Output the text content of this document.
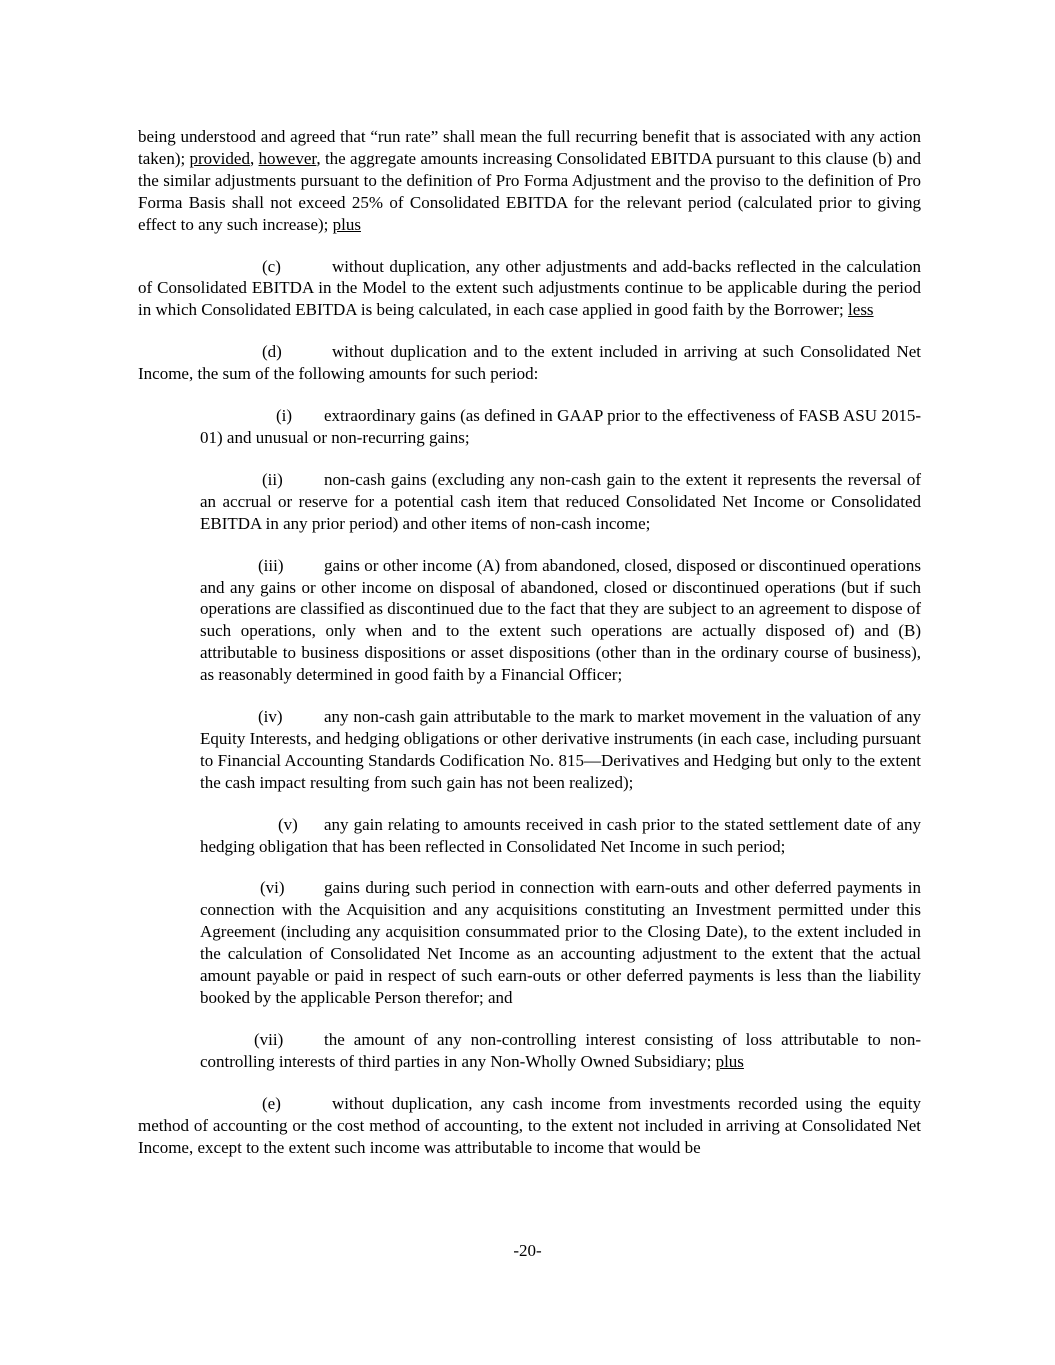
being understood and agreed that “run rate” shall mean the full recurring benefit that is associated with any action taken); provided, however, the aggregate amounts increasing Consolidated EBITDA pursuant to this clause (b) and the similar adjustments pursuant to the definition of Pro Forma Adjustment and the proviso to the definition of Pro Forma Basis shall not exceed 25% of Consolidated EBITDA for the relevant period (calculated prior to giving effect to any such increase); plus

(c)	without duplication, any other adjustments and add-backs reflected in the calculation of Consolidated EBITDA in the Model to the extent such adjustments continue to be applicable during the period in which Consolidated EBITDA is being calculated, in each case applied in good faith by the Borrower; less

(d)	without duplication and to the extent included in arriving at such Consolidated Net Income, the sum of the following amounts for such period:

(i) extraordinary gains (as defined in GAAP prior to the effectiveness of FASB ASU 2015-01) and unusual or non-recurring gains;

(ii) non-cash gains (excluding any non-cash gain to the extent it represents the reversal of an accrual or reserve for a potential cash item that reduced Consolidated Net Income or Consolidated EBITDA in any prior period) and other items of non-cash income;

(iii) gains or other income (A) from abandoned, closed, disposed or discontinued operations and any gains or other income on disposal of abandoned, closed or discontinued operations (but if such operations are classified as discontinued due to the fact that they are subject to an agreement to dispose of such operations, only when and to the extent such operations are actually disposed of) and (B) attributable to business dispositions or asset dispositions (other than in the ordinary course of business), as reasonably determined in good faith by a Financial Officer;

(iv) any non-cash gain attributable to the mark to market movement in the valuation of any Equity Interests, and hedging obligations or other derivative instruments (in each case, including pursuant to Financial Accounting Standards Codification No. 815—Derivatives and Hedging but only to the extent the cash impact resulting from such gain has not been realized);

(v) any gain relating to amounts received in cash prior to the stated settlement date of any hedging obligation that has been reflected in Consolidated Net Income in such period;

(vi) gains during such period in connection with earn-outs and other deferred payments in connection with the Acquisition and any acquisitions constituting an Investment permitted under this Agreement (including any acquisition consummated prior to the Closing Date), to the extent included in the calculation of Consolidated Net Income as an accounting adjustment to the extent that the actual amount payable or paid in respect of such earn-outs or other deferred payments is less than the liability booked by the applicable Person therefor; and

(vii) the amount of any non-controlling interest consisting of loss attributable to non-controlling interests of third parties in any Non-Wholly Owned Subsidiary; plus

(e)	without duplication, any cash income from investments recorded using the equity method of accounting or the cost method of accounting, to the extent not included in arriving at Consolidated Net Income, except to the extent such income was attributable to income that would be

-20-
